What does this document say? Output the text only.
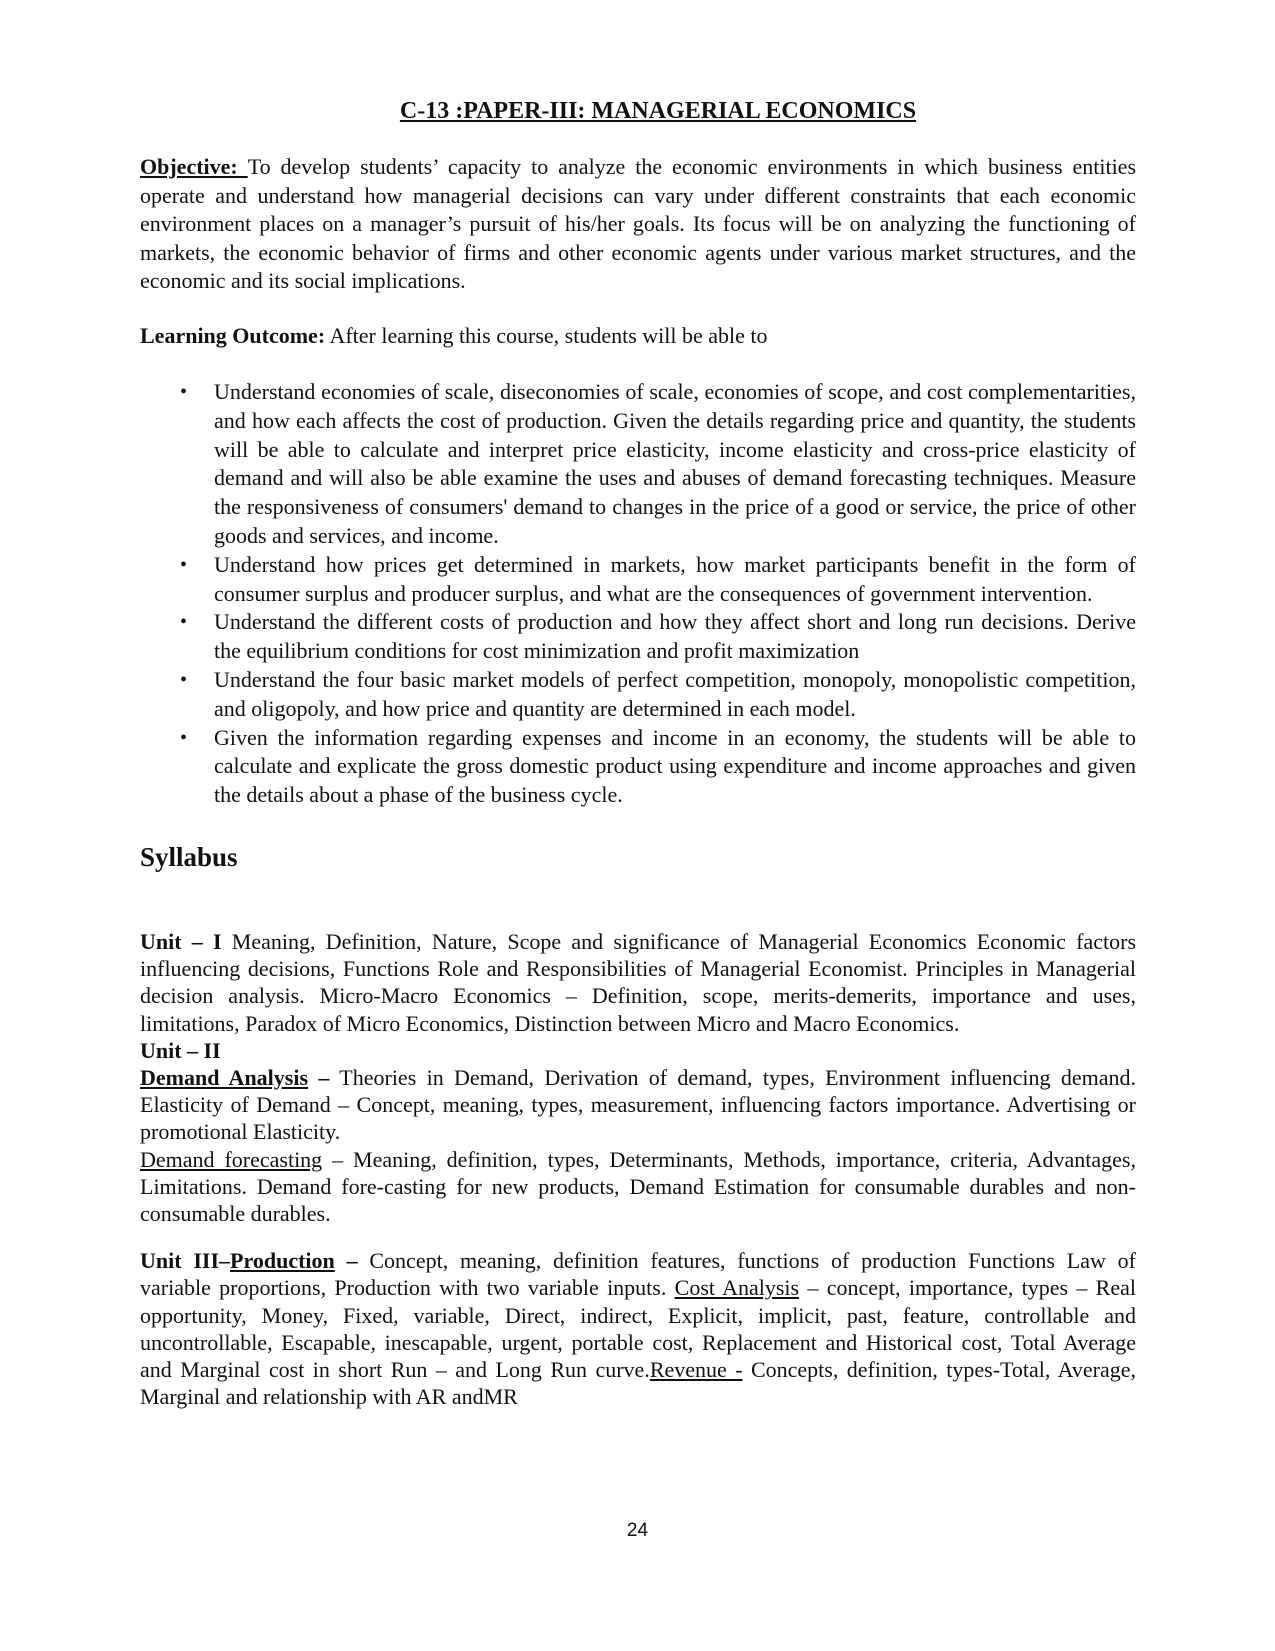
C-13 :PAPER-III: MANAGERIAL ECONOMICS

Objective: To develop students’ capacity to analyze the economic environments in which business entities operate and understand how managerial decisions can vary under different constraints that each economic environment places on a manager’s pursuit of his/her goals. Its focus will be on analyzing the functioning of markets, the economic behavior of firms and other economic agents under various market structures, and the economic and its social implications.

Learning Outcome: After learning this course, students will be able to

• Understand economies of scale, diseconomies of scale, economies of scope, and cost complementarities, and how each affects the cost of production. Given the details regarding price and quantity, the students will be able to calculate and interpret price elasticity, income elasticity and cross-price elasticity of demand and will also be able examine the uses and abuses of demand forecasting techniques. Measure the responsiveness of consumers' demand to changes in the price of a good or service, the price of other goods and services, and income.
• Understand how prices get determined in markets, how market participants benefit in the form of consumer surplus and producer surplus, and what are the consequences of government intervention.
• Understand the different costs of production and how they affect short and long run decisions. Derive the equilibrium conditions for cost minimization and profit maximization
• Understand the four basic market models of perfect competition, monopoly, monopolistic competition, and oligopoly, and how price and quantity are determined in each model.
• Given the information regarding expenses and income in an economy, the students will be able to calculate and explicate the gross domestic product using expenditure and income approaches and given the details about a phase of the business cycle.
Syllabus

Unit – I Meaning, Definition, Nature, Scope and significance of Managerial Economics Economic factors influencing decisions, Functions Role and Responsibilities of Managerial Economist. Principles in Managerial decision analysis. Micro-Macro Economics – Definition, scope, merits-demerits, importance and uses, limitations, Paradox of Micro Economics, Distinction between Micro and Macro Economics.

Unit – II

Demand Analysis – Theories in Demand, Derivation of demand, types, Environment influencing demand. Elasticity of Demand – Concept, meaning, types, measurement, influencing factors importance. Advertising or promotional Elasticity.

Demand forecasting – Meaning, definition, types, Determinants, Methods, importance, criteria, Advantages, Limitations. Demand fore-casting for new products, Demand Estimation for consumable durables and non-consumable durables.

Unit III–Production – Concept, meaning, definition features, functions of production Functions Law of variable proportions, Production with two variable inputs. Cost Analysis – concept, importance, types – Real opportunity, Money, Fixed, variable, Direct, indirect, Explicit, implicit, past, feature, controllable and uncontrollable, Escapable, inescapable, urgent, portable cost, Replacement and Historical cost, Total Average and Marginal cost in short Run – and Long Run curve.Revenue - Concepts, definition, types-Total, Average, Marginal and relationship with AR andMR

24
